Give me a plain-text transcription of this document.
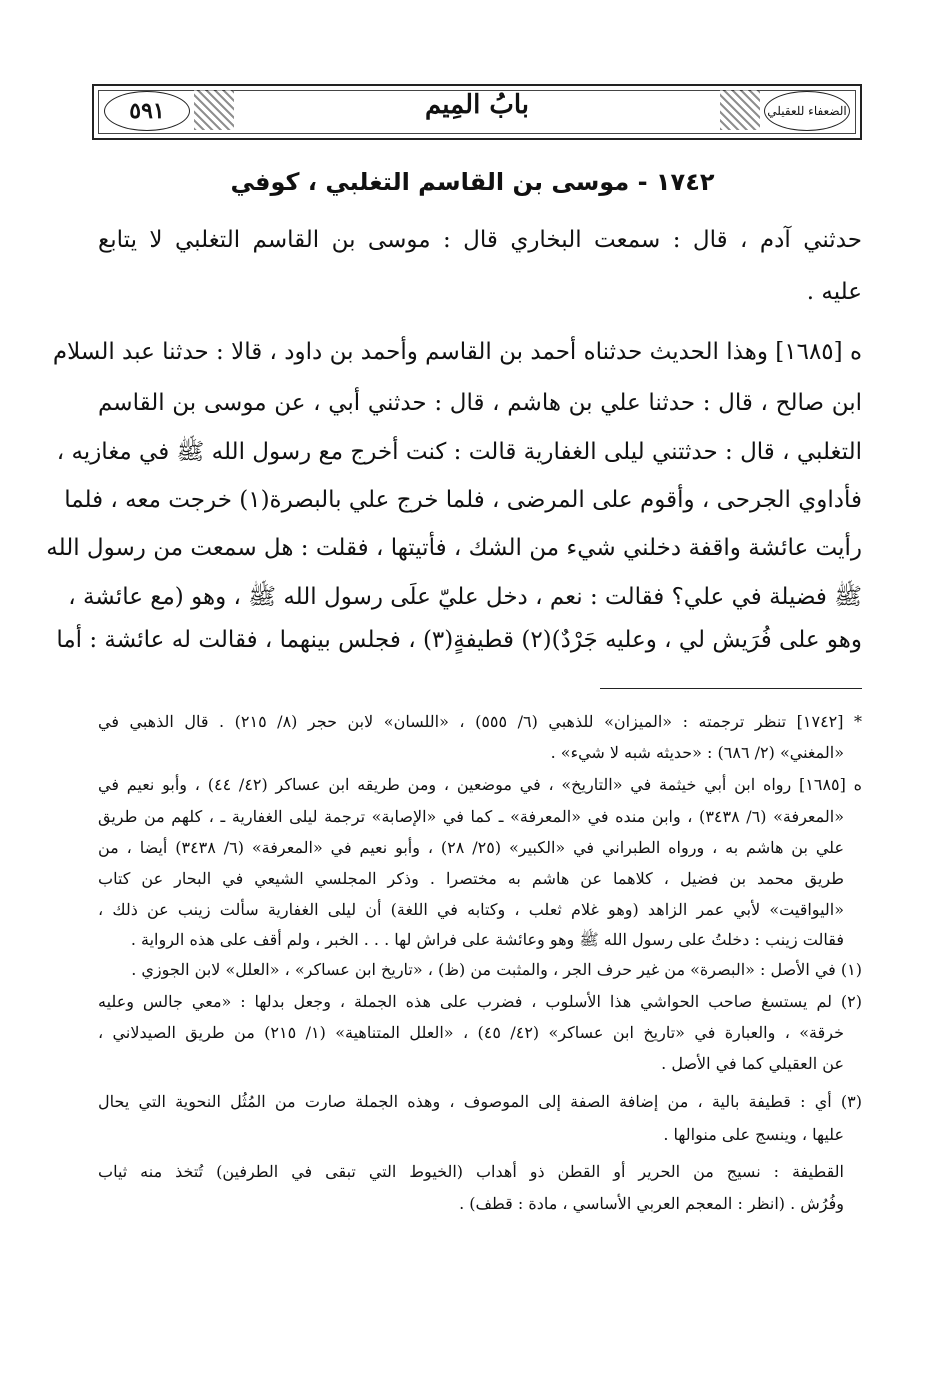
٥٩١	بابُ المِيم	الضعفاء للعقيلي
١٧٤٢ - موسى بن القاسم التغلبي ، كوفي
حدثني آدم ، قال : سمعت البخاري قال : موسى بن القاسم التغلبي لا يتابع
عليه .
ه [١٦٨٥] وهذا الحديث حدثناه أحمد بن القاسم وأحمد بن داود ، قالا : حدثنا عبد السلام
ابن صالح ، قال : حدثنا علي بن هاشم ، قال : حدثني أبي ، عن موسى بن القاسم
التغلبي ، قال : حدثتني ليلى الغفارية قالت : كنت أخرج مع رسول الله ﷺ في مغازيه ،
فأداوي الجرحى ، وأقوم على المرضى ، فلما خرج علي بالبصرة(١) خرجت معه ، فلما
رأيت عائشة واقفة دخلني شيء من الشك ، فأتيتها ، فقلت : هل سمعت من رسول الله
ﷺ فضيلة في علي؟ فقالت : نعم ، دخل عليّ علَى رسول الله ﷺ ، وهو (مع عائشة ،
وهو على فُرَيش لي ، وعليه جَرْدٌ)(٢) قطيفةٍ(٣) ، فجلس بينهما ، فقالت له عائشة : أما
* [١٧٤٢] تنظر ترجمته : «الميزان» للذهبي (٦/ ٥٥٥) ، «اللسان» لابن حجر (٨/ ٢١٥) . قال الذهبي في
«المغني» (٢/ ٦٨٦) : «حديثه شبه لا شيء» .
ه [١٦٨٥] رواه ابن أبي خيثمة في «التاريخ» ، في موضعين ، ومن طريقه ابن عساكر (٤٢/ ٤٤) ، وأبو نعيم في
«المعرفة» (٦/ ٣٤٣٨) ، وابن منده في «المعرفة» ـ كما في «الإصابة» ترجمة ليلى الغفارية ـ ، كلهم من طريق
علي بن هاشم به ، ورواه الطبراني في «الكبير» (٢٥/ ٢٨) ، وأبو نعيم في «المعرفة» (٦/ ٣٤٣٨) أيضا ، من
طريق محمد بن فضيل ، كلاهما عن هاشم به مختصرا . وذكر المجلسي الشيعي في البحار عن كتاب
«اليواقيت» لأبي عمر الزاهد (وهو غلام ثعلب ، وكتابه في اللغة) أن ليلى الغفارية سألت زينب عن ذلك ،
فقالت زينب : دخلتُ على رسول الله ﷺ وهو وعائشة على فراش لها . . . الخبر ، ولم أقف على هذه الرواية .
(١) في الأصل : «البصرة» من غير حرف الجر ، والمثبت من (ظ) ، «تاريخ ابن عساكر» ، «العلل» لابن الجوزي .
(٢) لم يستسغ صاحب الحواشي هذا الأسلوب ، فضرب على هذه الجملة ، وجعل بدلها : «معي جالس وعليه
خرقة» ، والعبارة في «تاريخ ابن عساكر» (٤٢/ ٤٥) ، «العلل المتناهية» (١/ ٢١٥) من طريق الصيدلاني ،
عن العقيلي كما في الأصل .
(٣) أي : قطيفة بالية ، من إضافة الصفة إلى الموصوف ، وهذه الجملة صارت من المُثُل النحوية التي يحال
عليها ، وينسج على منوالها .
القطيفة : نسيج من الحرير أو القطن ذو أهداب (الخيوط التي تبقى في الطرفين) تُتخذ منه ثياب
وفُرُش . (انظر : المعجم العربي الأساسي ، مادة : قطف) .
